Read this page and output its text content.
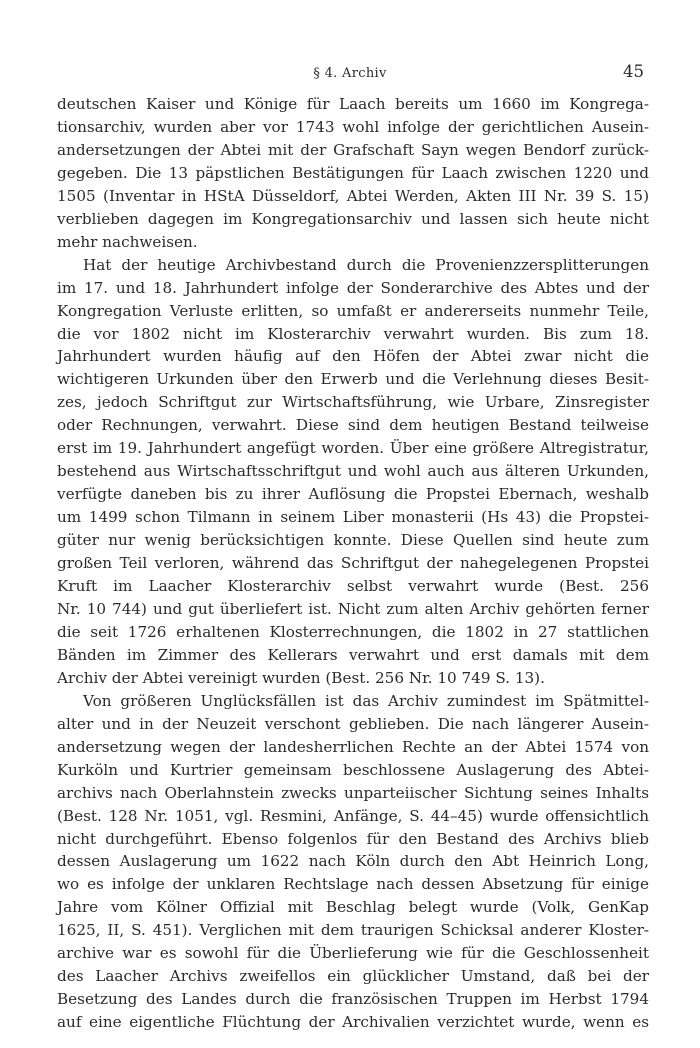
§ 4. Archiv	45
deutschen Kaiser und Könige für Laach bereits um 1660 im Kongrega-
tionsarchiv, wurden aber vor 1743 wohl infolge der gerichtlichen Ausein-
andersetzungen der Abtei mit der Grafschaft Sayn wegen Bendorf zurück-
gegeben. Die 13 päpstlichen Bestätigungen für Laach zwischen 1220 und
1505 (Inventar in HStA Düsseldorf, Abtei Werden, Akten III Nr. 39 S. 15)
verblieben dagegen im Kongregationsarchiv und lassen sich heute nicht
mehr nachweisen.
Hat der heutige Archivbestand durch die Provenienzzersplitterungen
im 17. und 18. Jahrhundert infolge der Sonderarchive des Abtes und der
Kongregation Verluste erlitten, so umfaßt er andererseits nunmehr Teile,
die vor 1802 nicht im Klosterarchiv verwahrt wurden. Bis zum 18.
Jahrhundert wurden häufig auf den Höfen der Abtei zwar nicht die
wichtigeren Urkunden über den Erwerb und die Verlehnung dieses Besit-
zes, jedoch Schriftgut zur Wirtschaftsführung, wie Urbare, Zinsregister
oder Rechnungen, verwahrt. Diese sind dem heutigen Bestand teilweise
erst im 19. Jahrhundert angefügt worden. Über eine größere Altregistratur,
bestehend aus Wirtschaftsschriftgut und wohl auch aus älteren Urkunden,
verfügte daneben bis zu ihrer Auflösung die Propstei Ebernach, weshalb
um 1499 schon Tilmann in seinem Liber monasterii (Hs 43) die Propstei-
güter nur wenig berücksichtigen konnte. Diese Quellen sind heute zum
großen Teil verloren, während das Schriftgut der nahegelegenen Propstei
Kruft im Laacher Klosterarchiv selbst verwahrt wurde (Best. 256
Nr. 10 744) und gut überliefert ist. Nicht zum alten Archiv gehörten ferner
die seit 1726 erhaltenen Klosterrechnungen, die 1802 in 27 stattlichen
Bänden im Zimmer des Kellerars verwahrt und erst damals mit dem
Archiv der Abtei vereinigt wurden (Best. 256 Nr. 10 749 S. 13).
Von größeren Unglücksfällen ist das Archiv zumindest im Spätmittel-
alter und in der Neuzeit verschont geblieben. Die nach längerer Ausein-
andersetzung wegen der landesherrlichen Rechte an der Abtei 1574 von
Kurköln und Kurtrier gemeinsam beschlossene Auslagerung des Abtei-
archivs nach Oberlahnstein zwecks unparteiischer Sichtung seines Inhalts
(Best. 128 Nr. 1051, vgl. Resmini, Anfänge, S. 44–45) wurde offensichtlich
nicht durchgeführt. Ebenso folgenlos für den Bestand des Archivs blieb
dessen Auslagerung um 1622 nach Köln durch den Abt Heinrich Long,
wo es infolge der unklaren Rechtslage nach dessen Absetzung für einige
Jahre vom Kölner Offizial mit Beschlag belegt wurde (Volk, GenKap
1625, II, S. 451). Verglichen mit dem traurigen Schicksal anderer Kloster-
archive war es sowohl für die Überlieferung wie für die Geschlossenheit
des Laacher Archivs zweifellos ein glücklicher Umstand, daß bei der
Besetzung des Landes durch die französischen Truppen im Herbst 1794
auf eine eigentliche Flüchtung der Archivalien verzichtet wurde, wenn es
